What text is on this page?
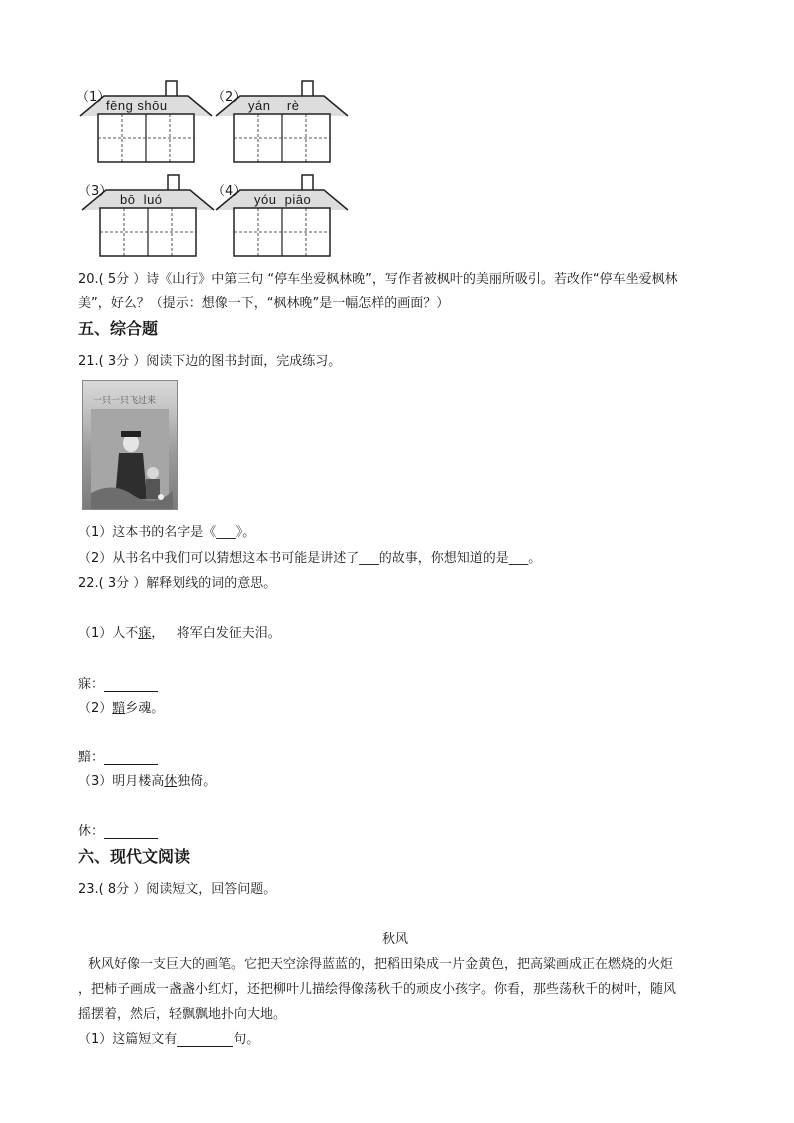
（1）
fēng shōu
（2）
yán    rè
（3）
bō  luó
（4）
yóu  piāo
20.( 5分 ）诗《山行》中第三句 “停车坐爱枫林晚”，写作者被枫叶的美丽所吸引。若改作“停车坐爱枫林
美”，好么？（提示：想像一下，“枫林晚”是一幅怎样的画面？）
五、综合题
21.( 3分 ）阅读下边的图书封面，完成练习。
一只一只飞过来
（1）这本书的名字是《___》。
（2）从书名中我们可以猜想这本书可能是讲述了___的故事，你想知道的是___。
22.( 3分 ）解释划线的词的意思。
（1）人不寐，   将军白发征夫泪。
寐：
（2）黯乡魂。
黯：
（3）明月楼高休独倚。
休：
六、现代文阅读
23.( 8分 ）阅读短文，回答问题。
秋风
秋风好像一支巨大的画笔。它把天空涂得蓝蓝的，把稻田染成一片金黄色，把高粱画成正在燃烧的火炬
，把柿子画成一盏盏小红灯，还把柳叶儿描绘得像荡秋千的顽皮小孩字。你看，那些荡秋千的树叶，随风
摇摆着，然后，轻飘飘地扑向大地。
（1）这篇短文有	句。
